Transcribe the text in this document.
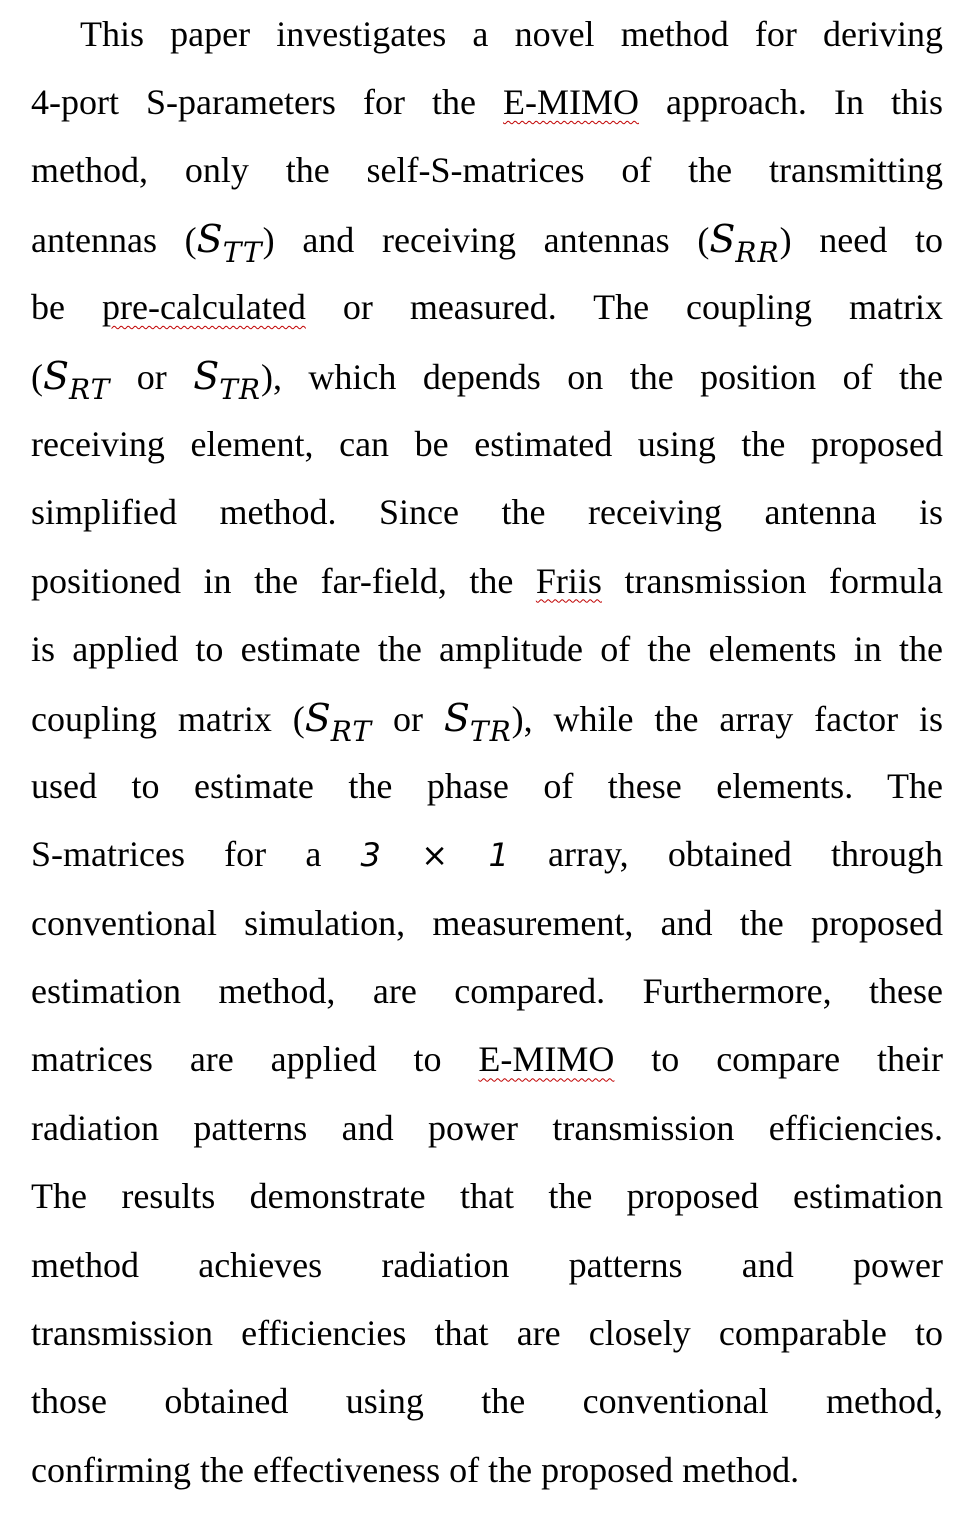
This paper investigates a novel method for deriving
4-port S-parameters for the E-MIMO approach. In this
method, only the self-S-matrices of the transmitting
antennas $(S_{TT})$ and receiving antennas $(S_{RR})$ need to
be pre-calculated or measured. The coupling matrix
($S_{RT}$ or $S_{TR}$), which depends on the position of the
receiving element, can be estimated using the proposed
simplified method. Since the receiving antenna is
positioned in the far-field, the Friis transmission formula
is applied to estimate the amplitude of the elements in the
coupling matrix ($S_{RT}$ or $S_{TR}$), while the array factor is
used to estimate the phase of these elements. The
S-matrices for a 3 × 1 array, obtained through
conventional simulation, measurement, and the proposed
estimation method, are compared. Furthermore, these
matrices are applied to E-MIMO to compare their
radiation patterns and power transmission efficiencies.
The results demonstrate that the proposed estimation
method achieves radiation patterns and power
transmission efficiencies that are closely comparable to
those obtained using the conventional method,
confirming the effectiveness of the proposed method.
